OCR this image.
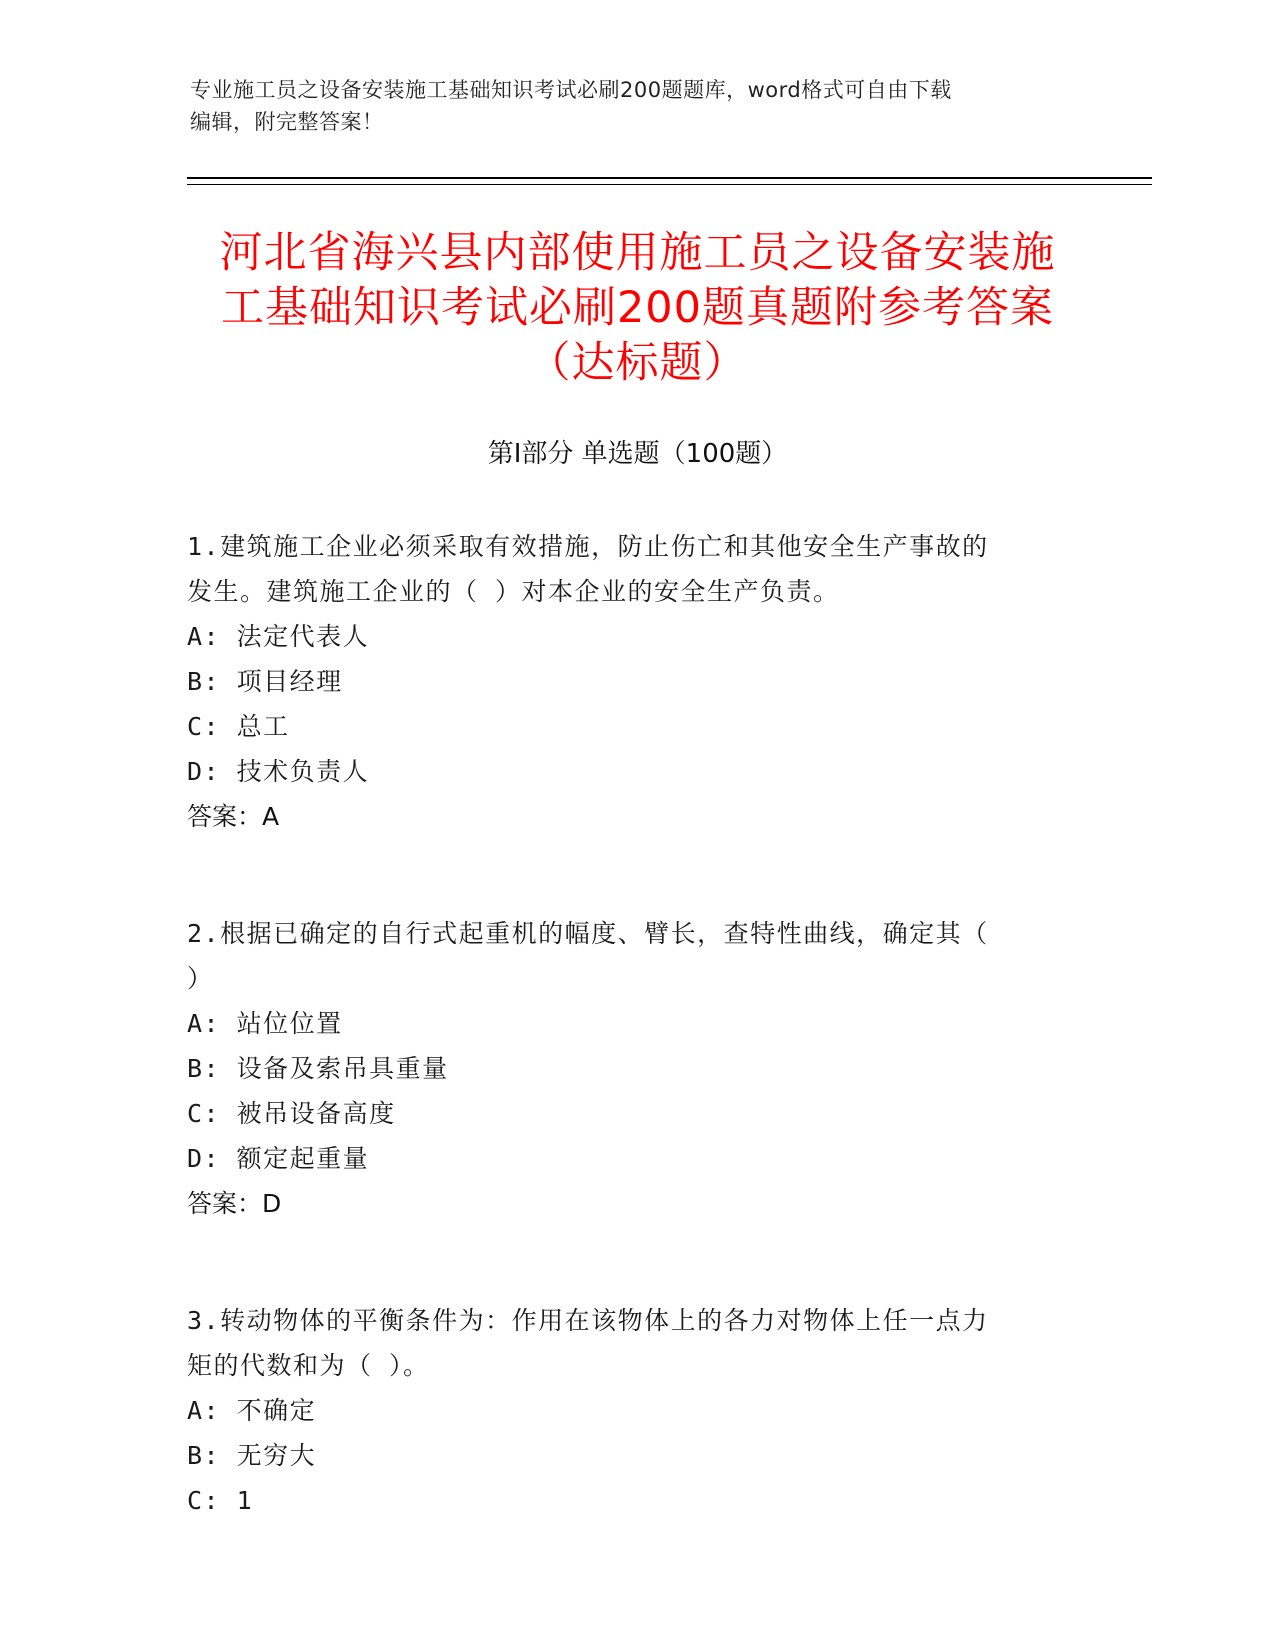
专业施工员之设备安装施工基础知识考试必刷200题题库，word格式可自由下载
编辑，附完整答案！
河北省海兴县内部使用施工员之设备安装施
工基础知识考试必刷200题真题附参考答案
（达标题）
第Ⅰ部分 单选题（100题）
1.建筑施工企业必须采取有效措施，防止伤亡和其他安全生产事故的
发生。建筑施工企业的（ ）对本企业的安全生产负责。
A: 法定代表人
B: 项目经理
C: 总工
D: 技术负责人
答案：A
2.根据已确定的自行式起重机的幅度、臂长，查特性曲线，确定其（
）
A: 站位位置
B: 设备及索吊具重量
C: 被吊设备高度
D: 额定起重量
答案：D
3.转动物体的平衡条件为：作用在该物体上的各力对物体上任一点力
矩的代数和为（ ）。
A: 不确定
B: 无穷大
C: 1
